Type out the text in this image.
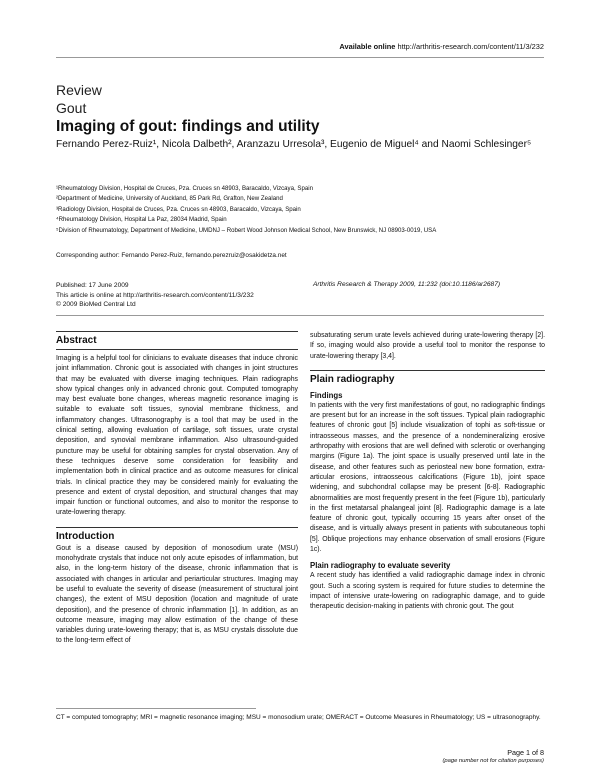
Available online http://arthritis-research.com/content/11/3/232
Review
Gout
Imaging of gout: findings and utility
Fernando Perez-Ruiz¹, Nicola Dalbeth², Aranzazu Urresola³, Eugenio de Miguel⁴ and Naomi Schlesinger⁵
¹Rheumatology Division, Hospital de Cruces, Pza. Cruces sn 48903, Baracaldo, Vizcaya, Spain
²Department of Medicine, University of Auckland, 85 Park Rd, Grafton, New Zealand
³Radiology Division, Hospital de Cruces, Pza. Cruces sn 48903, Baracaldo, Vizcaya, Spain
⁴Rheumatology Division, Hospital La Paz, 28034 Madrid, Spain
⁵Division of Rheumatology, Department of Medicine, UMDNJ – Robert Wood Johnson Medical School, New Brunswick, NJ 08903-0019, USA
Corresponding author: Fernando Perez-Ruiz, fernando.perezruiz@osakidetza.net
Published: 17 June 2009
This article is online at http://arthritis-research.com/content/11/3/232
© 2009 BioMed Central Ltd
Arthritis Research & Therapy 2009, 11:232 (doi:10.1186/ar2687)
Abstract

Imaging is a helpful tool for clinicians to evaluate diseases that induce chronic joint inflammation. Chronic gout is associated with changes in joint structures that may be evaluated with diverse imaging techniques. Plain radiographs show typical changes only in advanced chronic gout. Computed tomography may best evaluate bone changes, whereas magnetic resonance imaging is suitable to evaluate soft tissues, synovial membrane thickness, and inflammatory changes. Ultrasonography is a tool that may be used in the clinical setting, allowing evaluation of cartilage, soft tissues, urate crystal deposition, and synovial membrane inflammation. Also ultrasound-guided puncture may be useful for obtaining samples for crystal observation. Any of these techniques deserve some consideration for feasibility and implementation both in clinical practice and as outcome measures for clinical trials. In clinical practice they may be considered mainly for evaluating the presence and extent of crystal deposition, and structural changes that may impair function or functional outcomes, and also to monitor the response to urate-lowering therapy.

Introduction

Gout is a disease caused by deposition of monosodium urate (MSU) monohydrate crystals that induce not only acute episodes of inflammation, but also, in the long-term history of the disease, chronic inflammation that is associated with changes in articular and periarticular structures. Imaging may be useful to evaluate the severity of disease (measurement of structural joint changes), the extent of MSU deposition (location and magnitude of urate deposition), and the presence of chronic inflammation [1]. In addition, as an outcome measure, imaging may allow estimation of the change of these variables during urate-lowering therapy; that is, as MSU crystals dissolute due to the long-term effect of

subsaturating serum urate levels achieved during urate-lowering therapy [2]. If so, imaging would also provide a useful tool to monitor the response to urate-lowering therapy [3,4].

Plain radiography
Findings

In patients with the very first manifestations of gout, no radiographic findings are present but for an increase in the soft tissues. Typical plain radiographic features of chronic gout [5] include visualization of tophi as soft-tissue or intraosseous masses, and the presence of a nondemineralizing erosive arthropathy with erosions that are well defined with sclerotic or overhanging margins (Figure 1a). The joint space is usually preserved until late in the disease, and other features such as periosteal new bone formation, extra-articular erosions, intraosseous calcifications (Figure 1b), joint space widening, and subchondral collapse may be present [6-8]. Radiographic abnormalities are most frequently present in the feet (Figure 1b), particularly in the first metatarsal phalangeal joint [8]. Radiographic damage is a late feature of chronic gout, typically occurring 15 years after onset of the disease, and is virtually always present in patients with subcutaneous tophi [5]. Oblique projections may enhance observation of small erosions (Figure 1c).

Plain radiography to evaluate severity

A recent study has identified a valid radiographic damage index in chronic gout. Such a scoring system is required for future studies to determine the impact of intensive urate-lowering on radiographic damage, and to guide therapeutic decision-making in patients with chronic gout. The gout

CT = computed tomography; MRI = magnetic resonance imaging; MSU = monosodium urate; OMERACT = Outcome Measures in Rheumatology; US = ultrasonography.
Page 1 of 8
(page number not for citation purposes)
